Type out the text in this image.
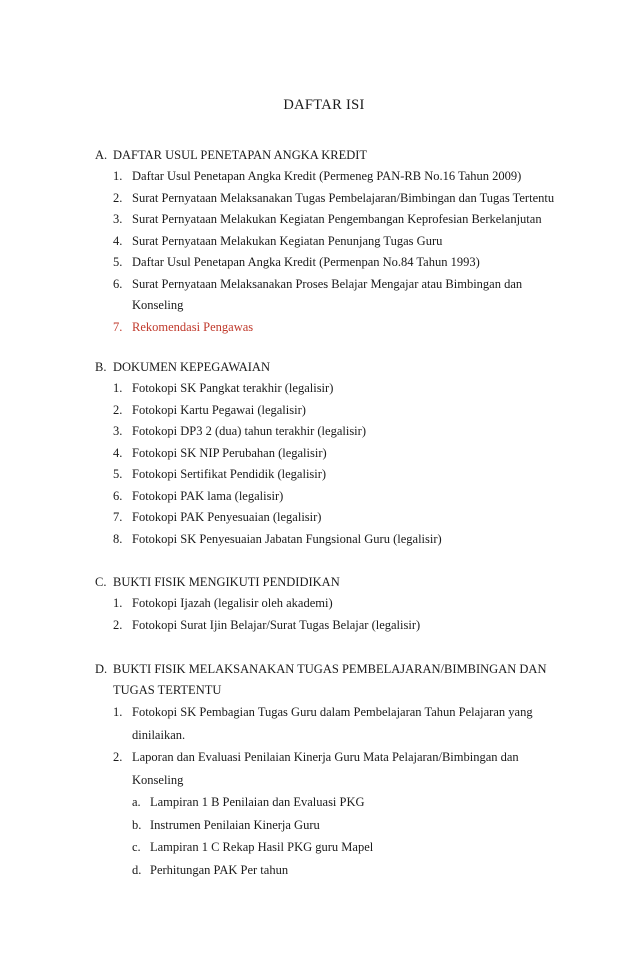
DAFTAR ISI
A. DAFTAR USUL PENETAPAN ANGKA KREDIT
1. Daftar Usul Penetapan Angka Kredit (Permeneg PAN-RB No.16 Tahun 2009)
2. Surat Pernyataan Melaksanakan Tugas Pembelajaran/Bimbingan dan Tugas Tertentu
3. Surat Pernyataan Melakukan Kegiatan Pengembangan Keprofesian Berkelanjutan
4. Surat Pernyataan Melakukan Kegiatan Penunjang Tugas Guru
5. Daftar Usul Penetapan Angka Kredit (Permenpan No.84 Tahun 1993)
6. Surat Pernyataan Melaksanakan Proses Belajar Mengajar atau Bimbingan dan
Konseling
7. Rekomendasi Pengawas
B. DOKUMEN KEPEGAWAIAN
1. Fotokopi SK Pangkat terakhir (legalisir)
2. Fotokopi Kartu Pegawai (legalisir)
3. Fotokopi DP3 2 (dua) tahun terakhir (legalisir)
4. Fotokopi SK NIP Perubahan (legalisir)
5. Fotokopi Sertifikat Pendidik (legalisir)
6. Fotokopi PAK lama (legalisir)
7. Fotokopi PAK Penyesuaian (legalisir)
8. Fotokopi SK Penyesuaian Jabatan Fungsional Guru (legalisir)
C. BUKTI FISIK MENGIKUTI PENDIDIKAN
1. Fotokopi Ijazah (legalisir oleh akademi)
2. Fotokopi Surat Ijin Belajar/Surat Tugas Belajar (legalisir)
D. BUKTI FISIK MELAKSANAKAN TUGAS PEMBELAJARAN/BIMBINGAN DAN
TUGAS TERTENTU
1. Fotokopi SK Pembagian Tugas Guru dalam Pembelajaran Tahun Pelajaran yang
dinilaikan.
2. Laporan dan Evaluasi Penilaian Kinerja Guru Mata Pelajaran/Bimbingan dan
Konseling
a. Lampiran 1 B Penilaian dan Evaluasi PKG
b. Instrumen Penilaian Kinerja Guru
c. Lampiran 1 C Rekap Hasil PKG guru Mapel
d. Perhitungan PAK Per tahun
